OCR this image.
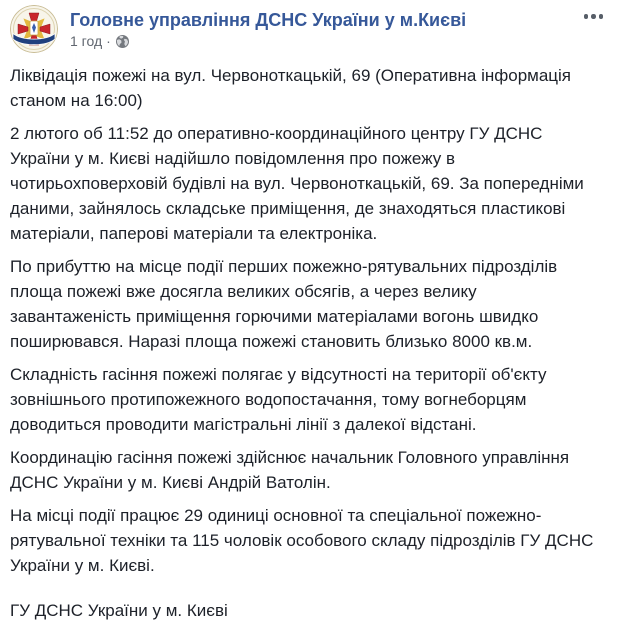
Головне управління ДСНС України у м.Києві
1 год ·

Ліквідація пожежі на вул. Червоноткацькій, 69 (Оперативна інформація станом на 16:00)

2 лютого об 11:52 до оперативно-координаційного центру ГУ ДСНС України у м. Києві надійшло повідомлення про пожежу в чотирьохповерховій будівлі на вул. Червоноткацькій, 69. За попередніми даними, зайнялось складське приміщення, де знаходяться пластикові матеріали, паперові матеріали та електроніка.

По прибуттю на місце події перших пожежно-рятувальних підрозділів площа пожежі вже досягла великих обсягів, а через велику завантаженість приміщення горючими матеріалами вогонь швидко поширювався. Наразі площа пожежі становить близько 8000 кв.м.

Складність гасіння пожежі полягає у відсутності на території об'єкту зовнішнього протипожежного водопостачання, тому вогнеборцям доводиться проводити магістральні лінії з далекої відстані.

Координацію гасіння пожежі здійснює начальник Головного управління ДСНС України у м. Києві Андрій Ватолін.

На місці події працює 29 одиниці основної та спеціальної пожежно-рятувальної техніки та 115 чоловік особового складу підрозділів ГУ ДСНС України у м. Києві.

ГУ ДСНС України у м. Києві
